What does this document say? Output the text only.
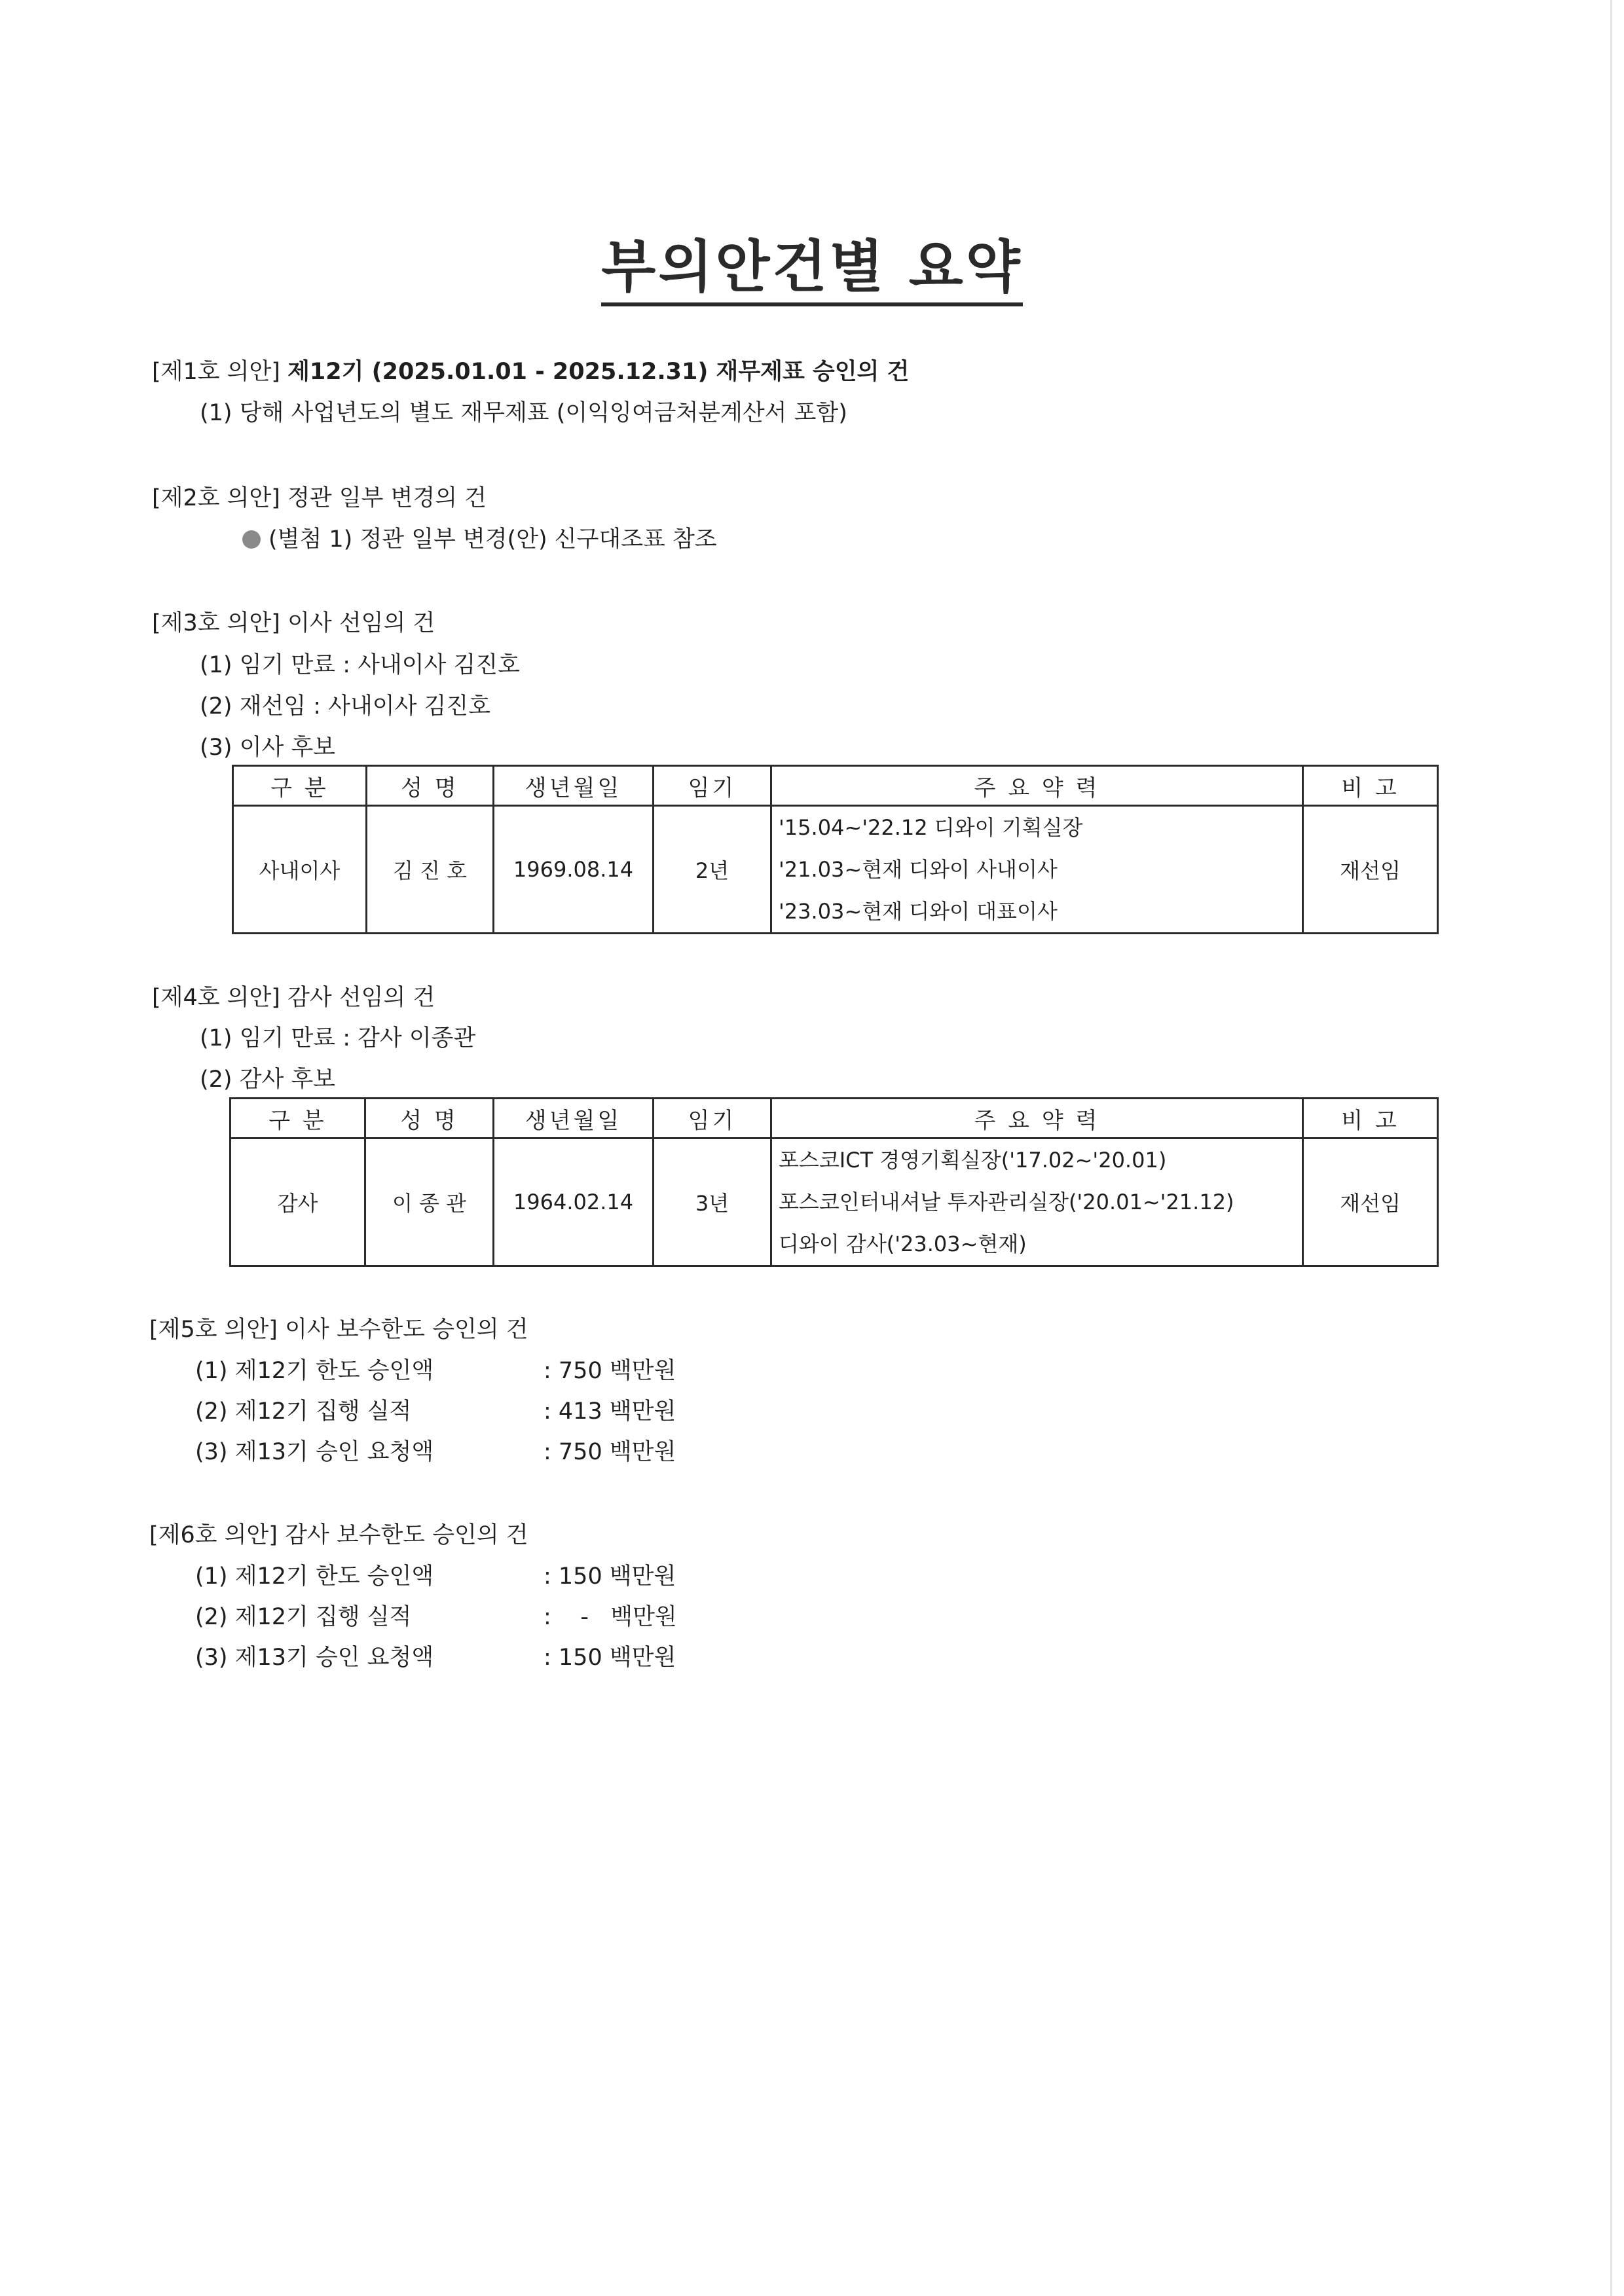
부의안건별 요약
[제1호 의안] 제12기 (2025.01.01 - 2025.12.31) 재무제표 승인의 건
(1) 당해 사업년도의 별도 재무제표 (이익잉여금처분계산서 포함)
[제2호 의안] 정관 일부 변경의 건
(별첨 1) 정관 일부 변경(안) 신구대조표 참조
[제3호 의안] 이사 선임의 건
(1) 임기 만료 : 사내이사 김진호
(2) 재선임 : 사내이사 김진호
(3) 이사 후보
구 분	성 명	생년월일	임기	주 요 약 력	비 고
사내이사	김 진 호	1969.08.14	2년	'15.04~'22.12 디와이 기획실장
'21.03~현재 디와이 사내이사
'23.03~현재 디와이 대표이사	재선임
[제4호 의안] 감사 선임의 건
(1) 임기 만료 : 감사 이종관
(2) 감사 후보
구 분	성 명	생년월일	임기	주 요 약 력	비 고
감사	이 종 관	1964.02.14	3년	포스코ICT 경영기획실장('17.02~'20.01)
포스코인터내셔날 투자관리실장('20.01~'21.12)
디와이 감사('23.03~현재)	재선임
[제5호 의안] 이사 보수한도 승인의 건
(1) 제12기 한도 승인액	: 750 백만원
(2) 제12기 집행 실적	: 413 백만원
(3) 제13기 승인 요청액	: 750 백만원
[제6호 의안] 감사 보수한도 승인의 건
(1) 제12기 한도 승인액	: 150 백만원
(2) 제12기 집행 실적	:    -   백만원
(3) 제13기 승인 요청액	: 150 백만원
